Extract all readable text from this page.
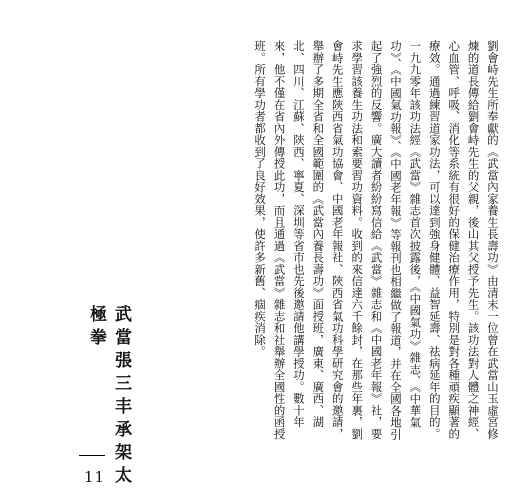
劉會峙先生所奉獻的《武當內家養生長壽功》由清末一位曾在武當山玉虛宮修煉的道長傳給劉會峙先生的父親，後山其父授予先生。該功法對人體之神經、心血管、呼吸、消化等系統有很好的保健治療作用，特別是對各種頑疾顯著的療效。通過練習道家功法，可以達到強身健體、益智延壽、祛病延年的目的。一九九零年該功法經《武當》雜志首次披露後，《中國氣功》雜志、《中華氣功》、《中國氣功報》、《中國老年報》等報刊也相繼做了報道，并在全國各地引起了強烈的反響。廣大讀者紛紛寫信給《武當》雜志和《中國老年報》社，要求學習該養生功法和索要習功資料。收到的來信達六千餘封，在那些年裏，劉會峙先生應陝西省氣功協會、中國老年報社、陝西省氣功科學研究會的邀請，舉辦了多期全省和全國範圍的《武當內養長壽功》面授班，廣東、廣西、湖北、四川、江蘇、陝西、寧夏、深圳等省市也先後邀請他講學授功。數十年來，他不僅在省內外傳授此功，而且通過《武當》雜志和社舉辦全國性的函授班。所有學功者都收到了良好效果，使許多新舊、痼疾消除。

武當張三丰承架太極拳
11
